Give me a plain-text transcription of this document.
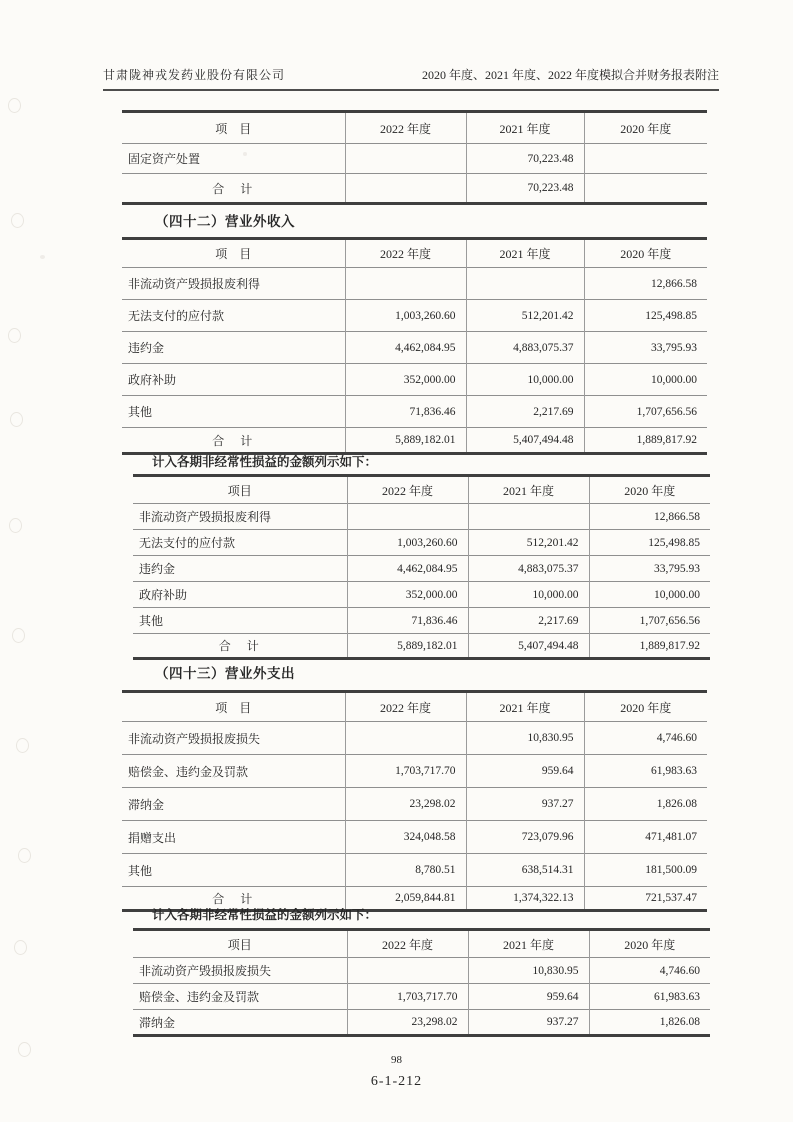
甘肃陇神戎发药业股份有限公司	2020 年度、2021 年度、2022 年度模拟合并财务报表附注
项　目	2022 年度	2021 年度	2020 年度
固定资产处置		70,223.48	
合　计		70,223.48	
（四十二）营业外收入
项　目	2022 年度	2021 年度	2020 年度
非流动资产毁损报废利得			12,866.58
无法支付的应付款	1,003,260.60	512,201.42	125,498.85
违约金	4,462,084.95	4,883,075.37	33,795.93
政府补助	352,000.00	10,000.00	10,000.00
其他	71,836.46	2,217.69	1,707,656.56
合　计	5,889,182.01	5,407,494.48	1,889,817.92
计入各期非经常性损益的金额列示如下：
项目	2022 年度	2021 年度	2020 年度
非流动资产毁损报废利得			12,866.58
无法支付的应付款	1,003,260.60	512,201.42	125,498.85
违约金	4,462,084.95	4,883,075.37	33,795.93
政府补助	352,000.00	10,000.00	10,000.00
其他	71,836.46	2,217.69	1,707,656.56
合　计	5,889,182.01	5,407,494.48	1,889,817.92
（四十三）营业外支出
项　目	2022 年度	2021 年度	2020 年度
非流动资产毁损报废损失		10,830.95	4,746.60
赔偿金、违约金及罚款	1,703,717.70	959.64	61,983.63
滞纳金	23,298.02	937.27	1,826.08
捐赠支出	324,048.58	723,079.96	471,481.07
其他	8,780.51	638,514.31	181,500.09
合　计	2,059,844.81	1,374,322.13	721,537.47
计入各期非经常性损益的金额列示如下：
项目	2022 年度	2021 年度	2020 年度
非流动资产毁损报废损失		10,830.95	4,746.60
赔偿金、违约金及罚款	1,703,717.70	959.64	61,983.63
滞纳金	23,298.02	937.27	1,826.08
98
6-1-212
